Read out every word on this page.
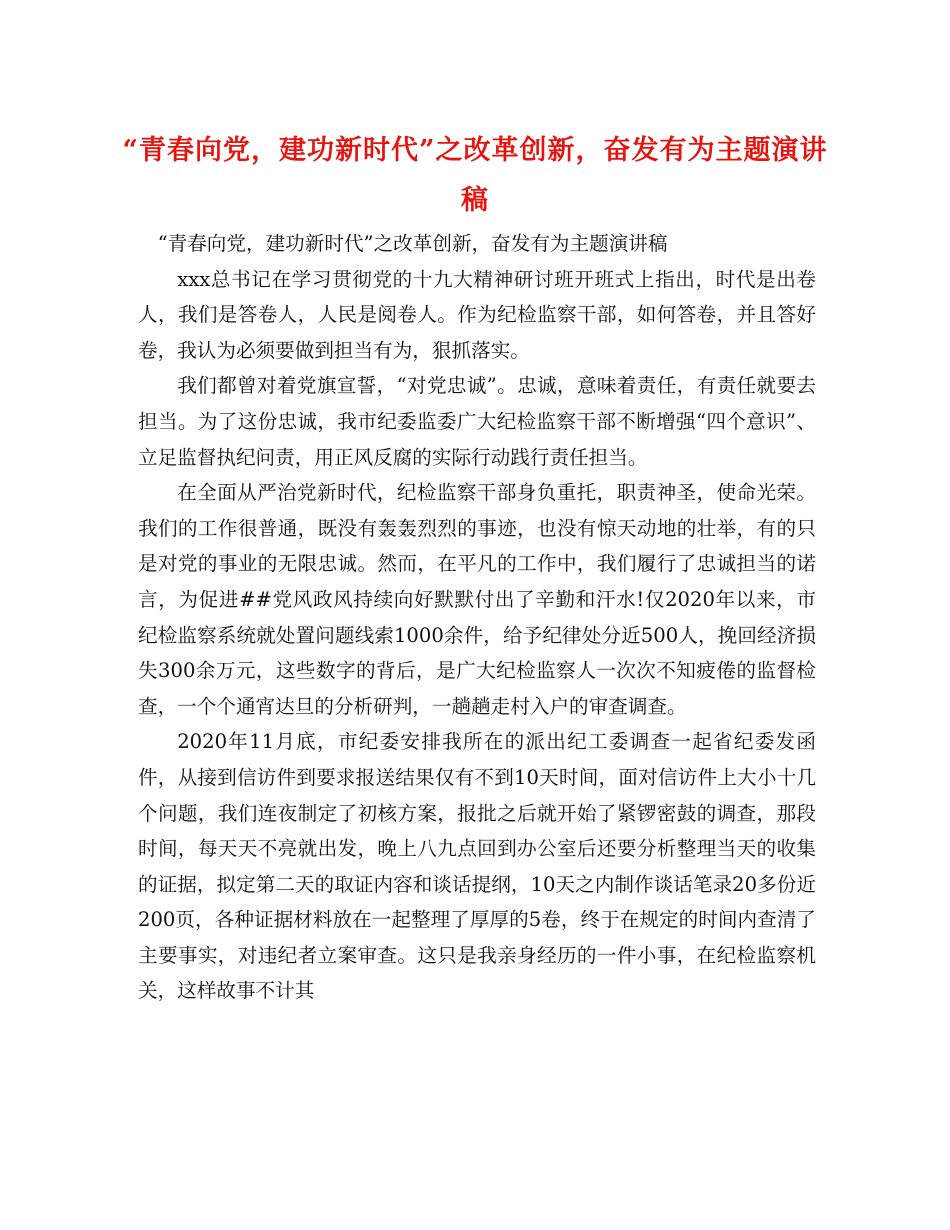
“青春向党，建功新时代”之改革创新，奋发有为主题演讲稿

“青春向党，建功新时代”之改革创新，奋发有为主题演讲稿

xxx总书记在学习贯彻党的十九大精神研讨班开班式上指出，时代是出卷人，我们是答卷人，人民是阅卷人。作为纪检监察干部，如何答卷，并且答好卷，我认为必须要做到担当有为，狠抓落实。

我们都曾对着党旗宣誓，“对党忠诚”。忠诚，意味着责任，有责任就要去担当。为了这份忠诚，我市纪委监委广大纪检监察干部不断增强“四个意识”、立足监督执纪问责，用正风反腐的实际行动践行责任担当。

在全面从严治党新时代，纪检监察干部身负重托，职责神圣，使命光荣。我们的工作很普通，既没有轰轰烈烈的事迹，也没有惊天动地的壮举，有的只是对党的事业的无限忠诚。然而，在平凡的工作中，我们履行了忠诚担当的诺言，为促进##党风政风持续向好默默付出了辛勤和汗水!仅2020年以来，市纪检监察系统就处置问题线索1000余件，给予纪律处分近500人，挽回经济损失300余万元，这些数字的背后，是广大纪检监察人一次次不知疲倦的监督检查，一个个通宵达旦的分析研判，一趟趟走村入户的审查调查。

2020年11月底，市纪委安排我所在的派出纪工委调查一起省纪委发函件，从接到信访件到要求报送结果仅有不到10天时间，面对信访件上大小十几个问题，我们连夜制定了初核方案，报批之后就开始了紧锣密鼓的调查，那段时间，每天天不亮就出发，晚上八九点回到办公室后还要分析整理当天的收集的证据，拟定第二天的取证内容和谈话提纲，10天之内制作谈话笔录20多份近200页，各种证据材料放在一起整理了厚厚的5卷，终于在规定的时间内查清了主要事实，对违纪者立案审查。这只是我亲身经历的一件小事，在纪检监察机关，这样故事不计其
